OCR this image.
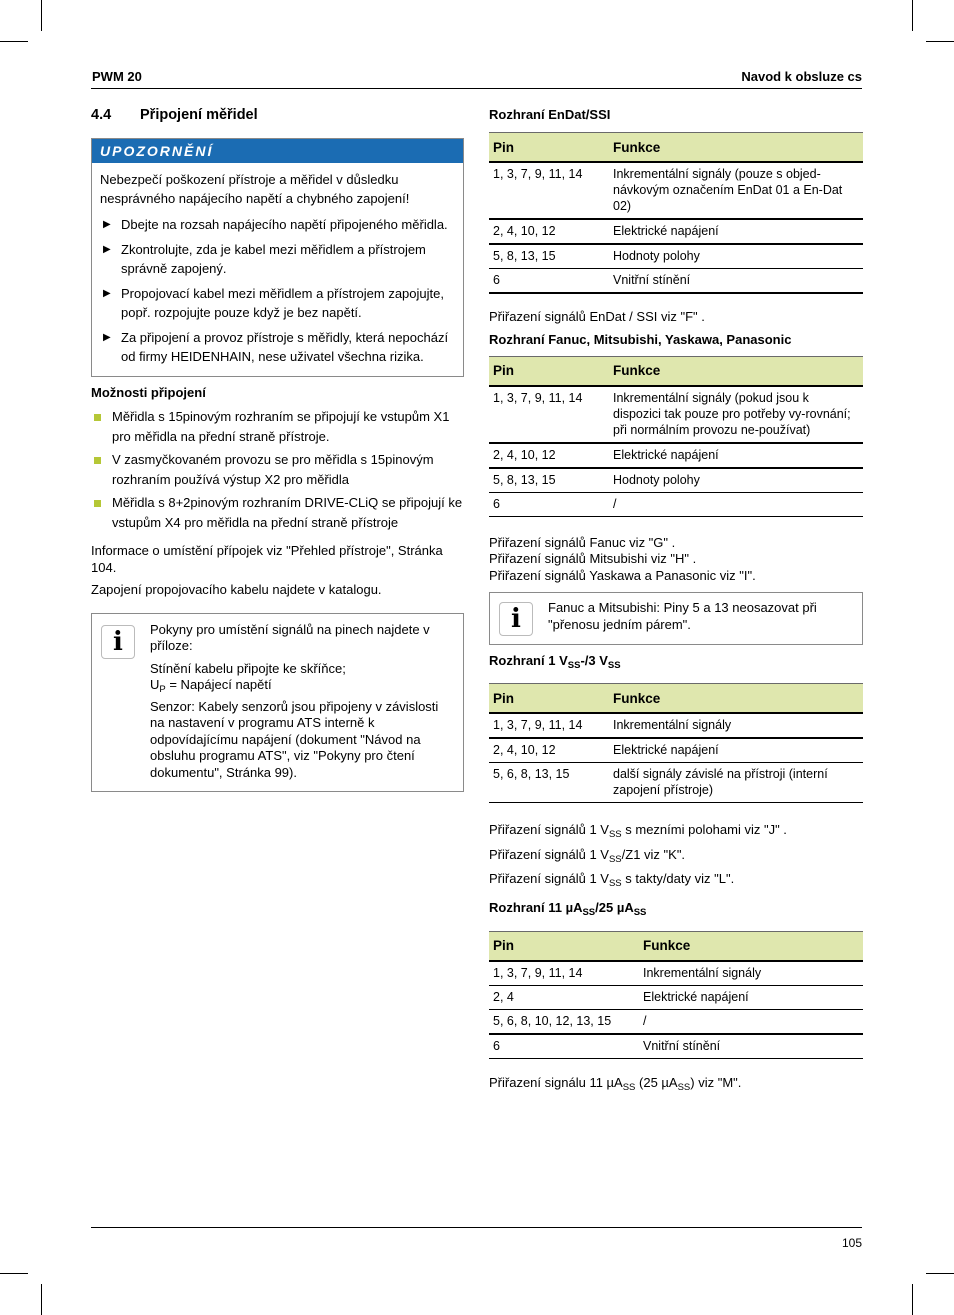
PWM 20	Navod k obsluze cs
4.4 Připojení měřidel
UPOZORNĚNÍ

Nebezpečí poškození přístroje a měřidel v důsledku nesprávného napájecího napětí a chybného zapojení!

▶ Dbejte na rozsah napájecího napětí připojeného měřidla.
▶ Zkontrolujte, zda je kabel mezi měřidlem a přístrojem správně zapojený.
▶ Propojovací kabel mezi měřidlem a přístrojem zapojujte, popř. rozpojujte pouze když je bez napětí.
▶ Za připojení a provoz přístroje s měřidly, která nepochází od firmy HEIDENHAIN, nese uživatel všechna rizika.

Možnosti připojení

Měřidla s 15pinovým rozhraním se připojují ke vstupům X1 pro měřidla na přední straně přístroje.
V zasmyčkovaném provozu se pro měřidla s 15pinovým rozhraním používá výstup X2 pro měřidla
Měřidla s 8+2pinovým rozhraním DRIVE-CLiQ se připojují ke vstupům X4 pro měřidla na přední straně přístroje

Informace o umístění přípojek viz "Přehled přístroje", Stránka 104.

Zapojení propojovacího kabelu najdete v katalogu.

i	Pokyny pro umístění signálů na pinech najdete v příloze:

Stínění kabelu připojte ke skříňce;

$U_P$ = Napájecí napětí

Senzor: Kabely senzorů jsou připojeny v závislosti na nastavení v programu ATS interně k odpovídajícímu napájení (dokument "Návod na obsluhu programu ATS", viz "Pokyny pro čtení dokumentu", Stránka 99).

Rozhraní EnDat/SSI

Pin	Funkce
1, 3, 7, 9, 11, 14	Inkrementální signály (pouze s objed-návkovým označením EnDat 01 a En-Dat 02)
2, 4, 10, 12	Elektrické napájení
5, 8, 13, 15	Hodnoty polohy
6	Vnitřní stínění

Přiřazení signálů EnDat / SSI viz "F" .

Rozhraní Fanuc, Mitsubishi, Yaskawa, Panasonic

Pin	Funkce
1, 3, 7, 9, 11, 14	Inkrementální signály (pokud jsou k dispozici tak pouze pro potřeby vy-rovnání; při normálním provozu ne-používat)
2, 4, 10, 12	Elektrické napájení
5, 8, 13, 15	Hodnoty polohy
6	/

Přiřazení signálů Fanuc viz "G" .

Přiřazení signálů Mitsubishi viz "H" .

Přiřazení signálů Yaskawa a Panasonic viz "I".

i	Fanuc a Mitsubishi: Piny 5 a 13 neosazovat při "přenosu jedním párem".

Rozhraní 1 $V_{SS}-/3$ $V_{SS}$

Pin	Funkce
1, 3, 7, 9, 11, 14	Inkrementální signály
2, 4, 10, 12	Elektrické napájení
5, 6, 8, 13, 15	další signály závislé na přístroji (interní zapojení přístroje)

Přiřazení signálů 1 $V_{SS}$ s mezními polohami viz "J" .

Přiřazení signálů 1 $V_{SS}/Z1$ viz "K".

Přiřazení signálů 1 $V_{SS}$ s takty/daty viz "L".

Rozhraní 11 µA$_{SS}$/25 µA$_{SS}$

Pin	Funkce
1, 3, 7, 9, 11, 14	Inkrementální signály
2, 4	Elektrické napájení
5, 6, 8, 10, 12, 13, 15	/
6	Vnitřní stínění

Přiřazení signálu 11 µA$_{SS}$ (25 µA$_{SS}$) viz "M".

105
